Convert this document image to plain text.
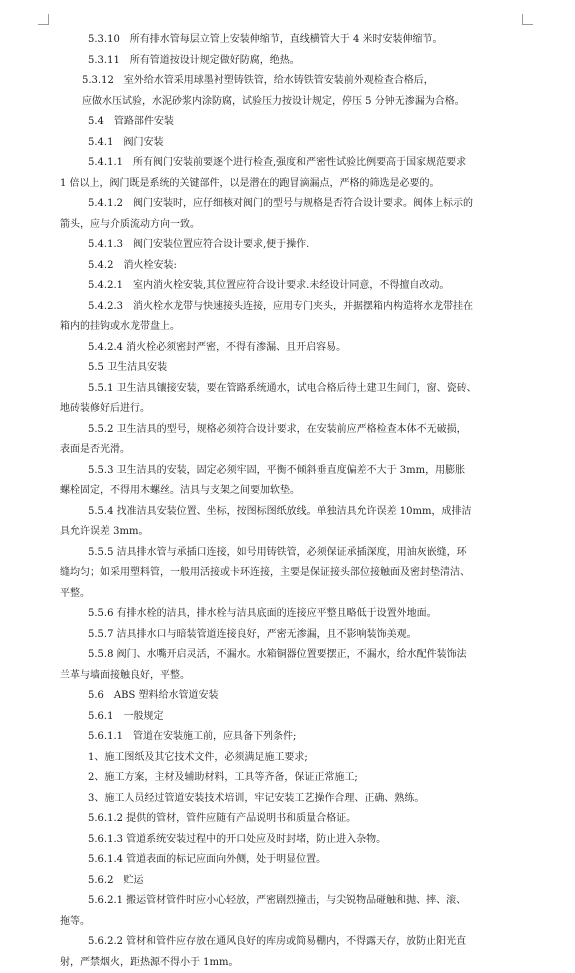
5.3.10　所有排水管每层立管上安装伸缩节，直线横管大于 4 米时安装伸缩节。
5.3.11　所有管道按设计规定做好防腐，绝热。
5.3.12　室外给水管采用球墨衬塑铸铁管，给水铸铁管安装前外观检查合格后，
应做水压试验，水泥砂浆内涂防腐，试验压力按设计规定，停压 5 分钟无渗漏为合格。
5.4　管路部件安装
5.4.1　阀门安装
5.4.1.1　所有阀门安装前要逐个进行检查,强度和严密性试验比例要高于国家规范要求
1 倍以上，阀门既是系统的关键部件，以是潜在的跑冒滴漏点，严格的筛选是必要的。
5.4.1.2　阀门安装时，应仔细核对阀门的型号与规格是否符合设计要求。阀体上标示的
箭头，应与介质流动方向一致。
5.4.1.3　阀门安装位置应符合设计要求,便于操作.
5.4.2　消火栓安装:
5.4.2.1　室内消火栓安装,其位置应符合设计要求.未经设计同意，不得擅自改动。
5.4.2.3　消火栓水龙带与快速接头连接，应用专门夹头，并据摆箱内构造将水龙带挂在
箱内的挂钩或水龙带盘上。
5.4.2.4 消火栓必须密封严密，不得有渗漏、且开启容易。
5.5 卫生洁具安装
5.5.1 卫生洁具镶接安装，要在管路系统通水，试电合格后待土建卫生间门，窗、瓷砖、
地砖装修好后进行。
5.5.2 卫生洁具的型号，规格必须符合设计要求，在安装前应严格检查本体不无破损，
表面是否光滑。
5.5.3 卫生洁具的安装，固定必须牢固，平衡不倾斜垂直度偏差不大于 3mm，用膨胀
螺栓固定，不得用木螺丝。洁具与支架之间要加软垫。
5.5.4 找准洁具安装位置、坐标，按图标图纸放线。单独洁具允许误差 10mm，成排洁
具允许误差 3mm。
5.5.5 洁具排水管与承插口连接，如号用铸铁管，必须保证承插深度，用油灰嵌缝，环
缝均匀；如采用塑料管，一般用活接或卡环连接，主要是保证接头部位接触面及密封垫清洁、
平整。
5.5.6 有排水栓的洁具，排水栓与洁具底面的连接应平整且略低于设置外地面。
5.5.7 洁具排水口与暗装管道连接良好，严密无渗漏，且不影响装饰美观。
5.5.8 阀门、水嘴开启灵活，不漏水。水箱铜器位置要摆正，不漏水，给水配件装饰法
兰革与墙面接触良好，平整。
5.6　ABS 塑料给水管道安装
5.6.1　一般规定
5.6.1.1　管道在安装施工前，应具备下列条件;
1、施工图纸及其它技术文件，必须满足施工要求;
2、施工方案，主材及辅助材料，工具等齐备，保证正常施工;
3、施工人员经过管道安装技术培训，牢记安装工艺操作合理、正确、熟练。
5.6.1.2 提供的管材，管件应随有产品说明书和质量合格证。
5.6.1.3 管道系统安装过程中的开口处应及时封堵，防止进入杂物。
5.6.1.4 管道表面的标记应面向外侧，处于明显位置。
5.6.2　贮运
5.6.2.1 搬运管材管件时应小心轻放，严密剧烈撞击，与尖锐物品碰触和抛、摔、滚、
拖等。
5.6.2.2 管材和管件应存放在通风良好的库房或简易棚内，不得露天存，放防止阳光直
射，严禁烟火，距热源不得小于 1mm。
